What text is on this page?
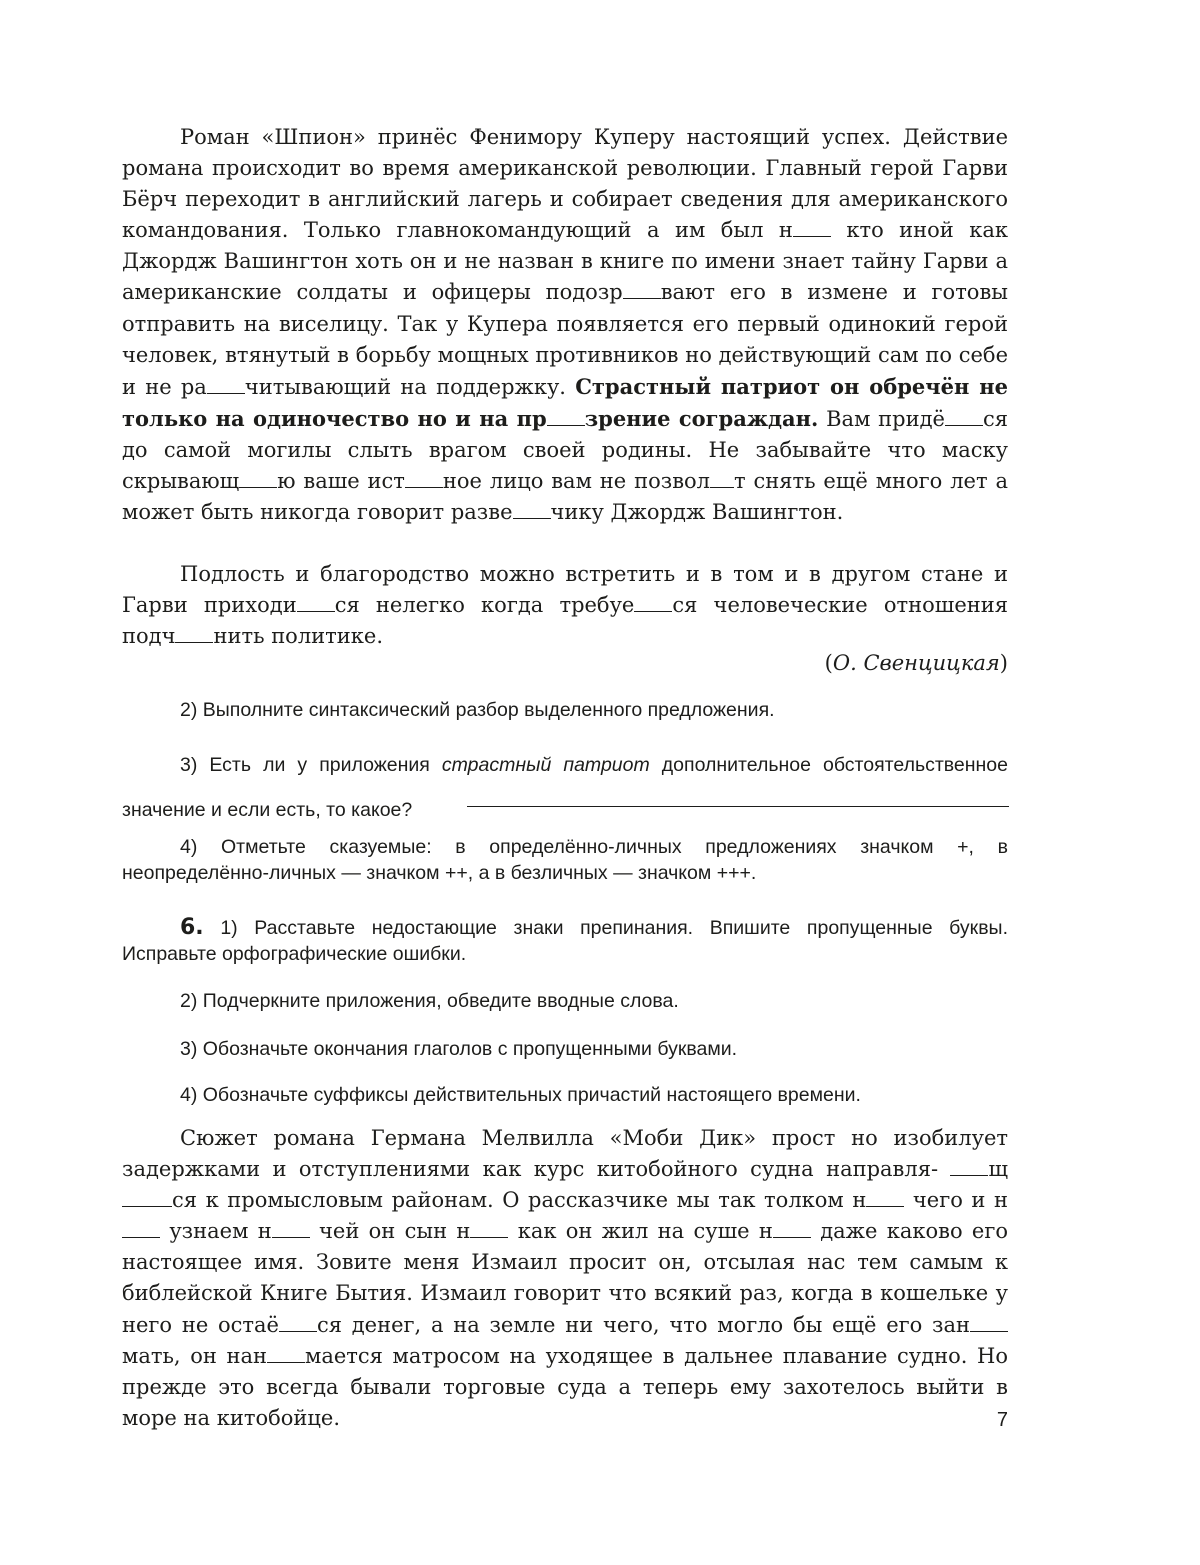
Роман «Шпион» принёс Фенимору Куперу настоящий успех. Действие романа происходит во время американской революции. Главный герой Гарви Бёрч переходит в английский лагерь и собирает сведения для американского командования. Только главнокомандующий а им был н	кто иной как Джордж Вашингтон хоть он и не назван в книге по имени знает тайну Гарви а американские солдаты и офицеры подозр вают его в измене и готовы отправить на виселицу. Так у Купера появляется его первый одинокий герой человек, втянутый в борьбу мощных противников но действующий сам по себе и не ра читывающий на поддержку. Страстный патриот он обречён не только на одиночество но и на пр зрение сограждан. Вам придё ся до самой могилы слыть врагом своей родины. Не забывайте что маску скрывающ ю ваше ист ное лицо вам не позвол т снять ещё много лет а может быть никогда говорит разве чику Джордж Вашингтон.

Подлость и благородство можно встретить и в том и в другом стане и Гарви приходи ся нелегко когда требуе ся человеческие отношения подч нить политике.

(О. Свенцицкая)

2) Выполните синтаксический разбор выделенного предложения.

3) Есть ли у приложения страстный патриот дополнительное обстоятельственное значение и если есть, то какое?

4) Отметьте сказуемые: в определённо-личных предложениях значком +, в неопределённо-личных — значком ++, а в безличных — значком +++.

6. 1) Расставьте недостающие знаки препинания. Впишите пропущенные буквы. Исправьте орфографические ошибки.

2) Подчеркните приложения, обведите вводные слова.

3) Обозначьте окончания глаголов с пропущенными буквами.

4) Обозначьте суффиксы действительных причастий настоящего времени.

Сюжет романа Германа Мелвилла «Моби Дик» прост но изобилует задержками и отступлениями как курс китобойного судна направля- щся к промысловым районам. О рассказчике мы так толком н чего и н узнаем н чей он сын н как он жил на суше н даже каково его настоящее имя. Зовите меня Измаил просит он, отсылая нас тем самым к библейской Книге Бытия. Измаил говорит что всякий раз, когда в кошельке у него не остаё ся денег, а на земле ни чего, что могло бы ещё его занмать, он нан мается матросом на уходящее в дальнее плавание судно. Но прежде это всегда бывали торговые суда а теперь ему захотелось выйти в море на китобойце.	7
